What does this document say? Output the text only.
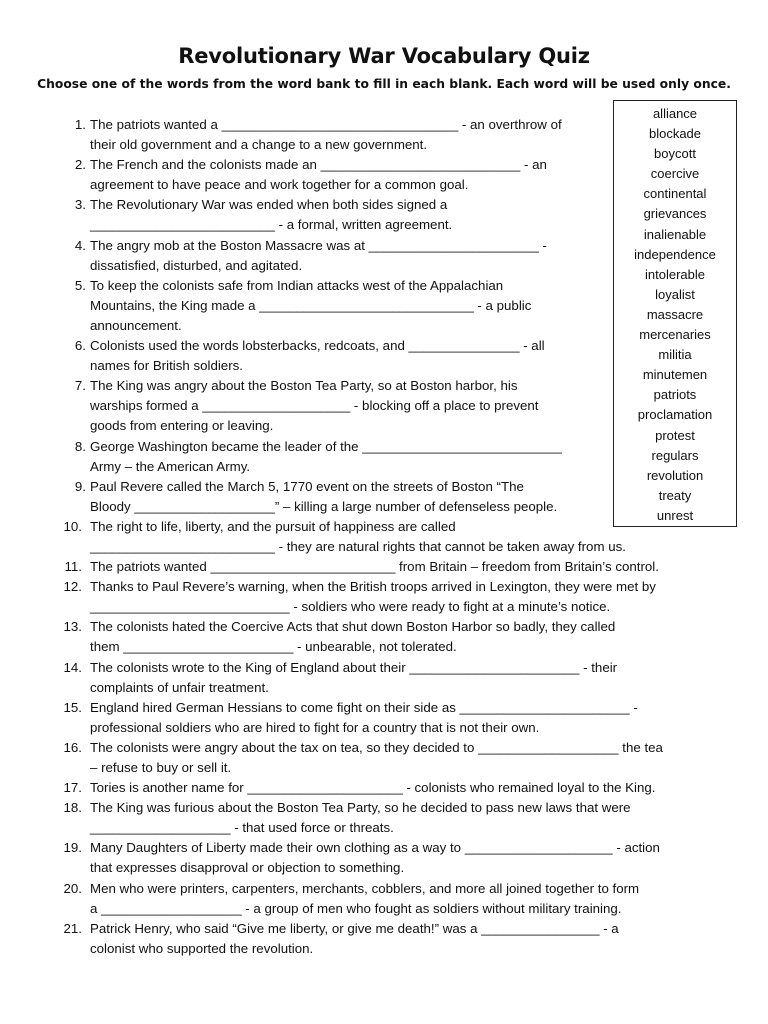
Revolutionary War Vocabulary Quiz
Choose one of the words from the word bank to fill in each blank. Each word will be used only once.
alliance
blockade
boycott
coercive
continental
grievances
inalienable
independence
intolerable
loyalist
massacre
mercenaries
militia
minutemen
patriots
proclamation
protest
regulars
revolution
treaty
unrest
1. The patriots wanted a ________________________________ - an overthrow of
their old government and a change to a new government.
2. The French and the colonists made an ___________________________ - an
agreement to have peace and work together for a common goal.
3. The Revolutionary War was ended when both sides signed a
_________________________ - a formal, written agreement.
4. The angry mob at the Boston Massacre was at _______________________ -
dissatisfied, disturbed, and agitated.
5. To keep the colonists safe from Indian attacks west of the Appalachian
Mountains, the King made a _____________________________ - a public
announcement.
6. Colonists used the words lobsterbacks, redcoats, and _______________ - all
names for British soldiers.
7. The King was angry about the Boston Tea Party, so at Boston harbor, his
warships formed a ____________________ - blocking off a place to prevent
goods from entering or leaving.
8. George Washington became the leader of the ___________________________
Army – the American Army.
9. Paul Revere called the March 5, 1770 event on the streets of Boston “The
Bloody ___________________” – killing a large number of defenseless people.
10. The right to life, liberty, and the pursuit of happiness are called
_________________________ - they are natural rights that cannot be taken away from us.
11. The patriots wanted _________________________ from Britain – freedom from Britain’s control.
12. Thanks to Paul Revere’s warning, when the British troops arrived in Lexington, they were met by
___________________________ - soldiers who were ready to fight at a minute’s notice.
13. The colonists hated the Coercive Acts that shut down Boston Harbor so badly, they called
them _______________________ - unbearable, not tolerated.
14. The colonists wrote to the King of England about their _______________________ - their
complaints of unfair treatment.
15. England hired German Hessians to come fight on their side as _______________________ -
professional soldiers who are hired to fight for a country that is not their own.
16. The colonists were angry about the tax on tea, so they decided to ___________________ the tea
– refuse to buy or sell it.
17. Tories is another name for _____________________ - colonists who remained loyal to the King.
18. The King was furious about the Boston Tea Party, so he decided to pass new laws that were
___________________ - that used force or threats.
19. Many Daughters of Liberty made their own clothing as a way to ____________________ - action
that expresses disapproval or objection to something.
20. Men who were printers, carpenters, merchants, cobblers, and more all joined together to form
a ___________________ - a group of men who fought as soldiers without military training.
21. Patrick Henry, who said “Give me liberty, or give me death!” was a ________________ - a
colonist who supported the revolution.
